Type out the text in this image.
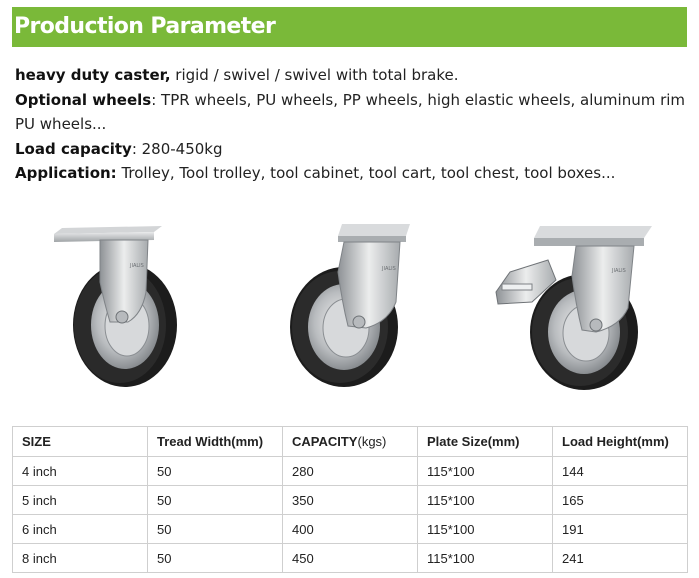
Production Parameter

heavy duty caster, rigid / swivel / swivel with total brake.

Optional wheels: TPR wheels, PU wheels, PP wheels, high elastic wheels, aluminum rim PU wheels...

Load capacity: 280-450kg

Application: Trolley, Tool trolley, tool cabinet, tool cart, tool chest, tool boxes...

JIALIS	JIALIS	JIALIS
SIZE	Tread Width(mm)	CAPACITY(kgs)	Plate Size(mm)	Load Height(mm)
4 inch	50	280	115*100	144
5 inch	50	350	115*100	165
6 inch	50	400	115*100	191
8 inch	50	450	115*100	241
